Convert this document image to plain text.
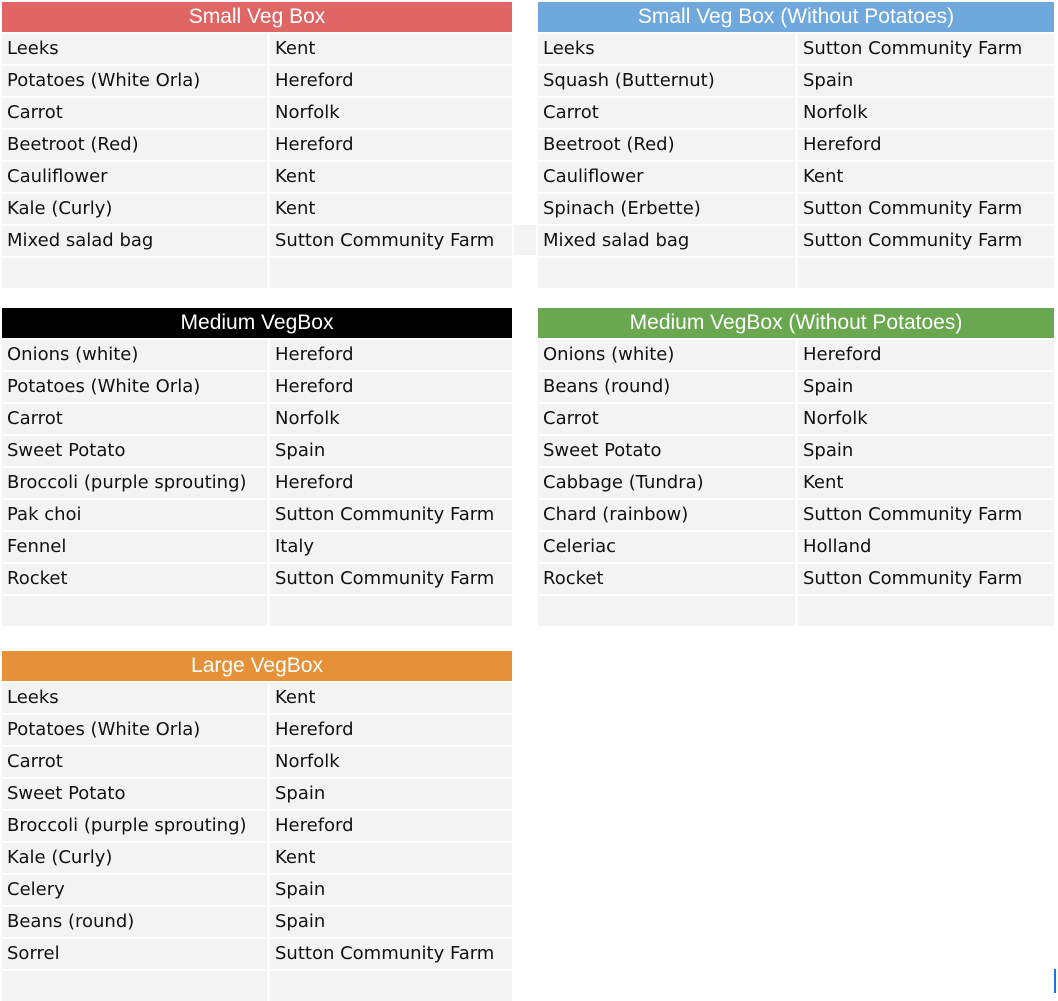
Small Veg Box
Leeks	Kent
Potatoes (White Orla)	Hereford
Carrot	Norfolk
Beetroot (Red)	Hereford
Cauliflower	Kent
Kale (Curly)	Kent
Mixed salad bag	Sutton Community Farm
Small Veg Box (Without Potatoes)
Leeks	Sutton Community Farm
Squash (Butternut)	Spain
Carrot	Norfolk
Beetroot (Red)	Hereford
Cauliflower	Kent
Spinach (Erbette)	Sutton Community Farm
Mixed salad bag	Sutton Community Farm
Medium VegBox
Onions (white)	Hereford
Potatoes (White Orla)	Hereford
Carrot	Norfolk
Sweet Potato	Spain
Broccoli (purple sprouting)	Hereford
Pak choi	Sutton Community Farm
Fennel	Italy
Rocket	Sutton Community Farm
Medium VegBox (Without Potatoes)
Onions (white)	Hereford
Beans (round)	Spain
Carrot	Norfolk
Sweet Potato	Spain
Cabbage (Tundra)	Kent
Chard (rainbow)	Sutton Community Farm
Celeriac	Holland
Rocket	Sutton Community Farm
Large VegBox
Leeks	Kent
Potatoes (White Orla)	Hereford
Carrot	Norfolk
Sweet Potato	Spain
Broccoli (purple sprouting)	Hereford
Kale (Curly)	Kent
Celery	Spain
Beans (round)	Spain
Sorrel	Sutton Community Farm
